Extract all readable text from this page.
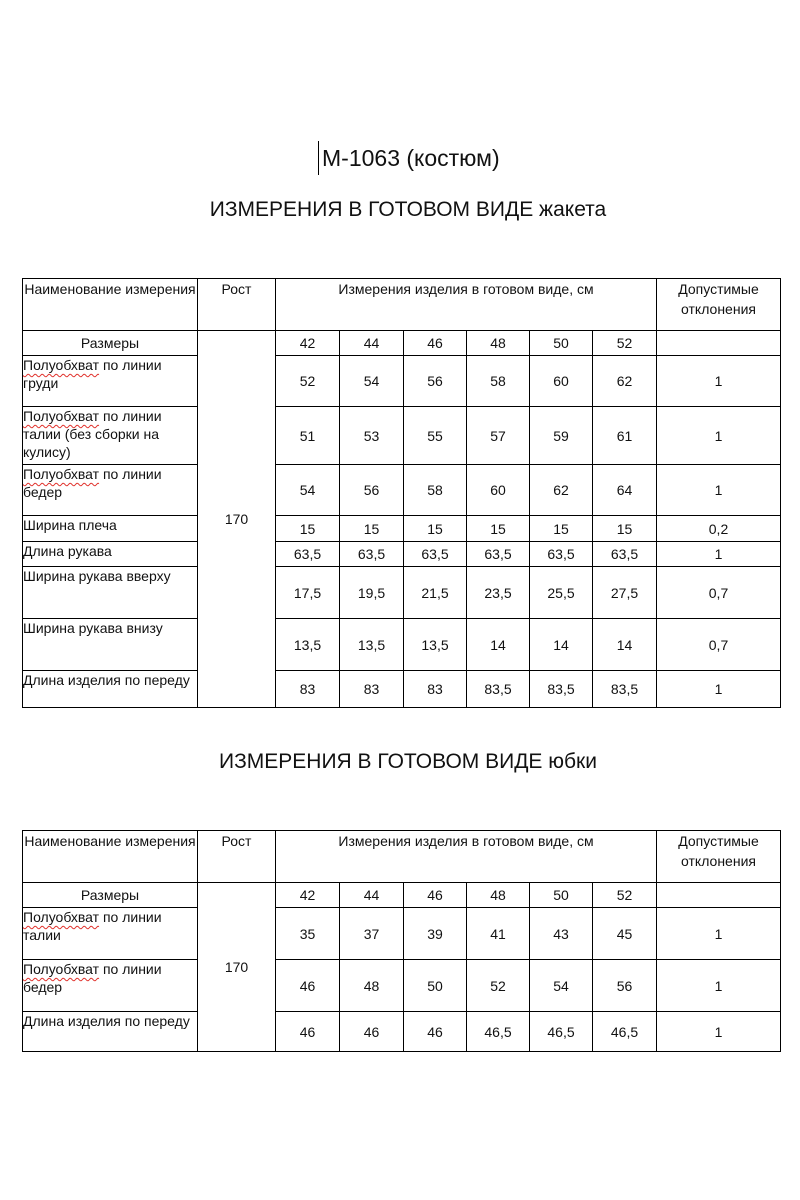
М-1063 (костюм)
ИЗМЕРЕНИЯ В ГОТОВОМ ВИДЕ жакета
Наименование измерения	Рост	Измерения изделия в готовом виде, см						Допустимые отклонения
Размеры	170	42	44	46	48	50	52	
Полуобхват по линии груди		52	54	56	58	60	62	1
Полуобхват по линии талии (без сборки на кулису)		51	53	55	57	59	61	1
Полуобхват по линии бедер		54	56	58	60	62	64	1
Ширина плеча		15	15	15	15	15	15	0,2
Длина рукава		63,5	63,5	63,5	63,5	63,5	63,5	1
Ширина рукава вверху		17,5	19,5	21,5	23,5	25,5	27,5	0,7
Ширина рукава внизу		13,5	13,5	13,5	14	14	14	0,7
Длина изделия по переду		83	83	83	83,5	83,5	83,5	1
ИЗМЕРЕНИЯ В ГОТОВОМ ВИДЕ юбки
Наименование измерения	Рост	Измерения изделия в готовом виде, см						Допустимые отклонения
Размеры	170	42	44	46	48	50	52	
Полуобхват по линии талии		35	37	39	41	43	45	1
Полуобхват по линии бедер		46	48	50	52	54	56	1
Длина изделия по переду		46	46	46	46,5	46,5	46,5	1
